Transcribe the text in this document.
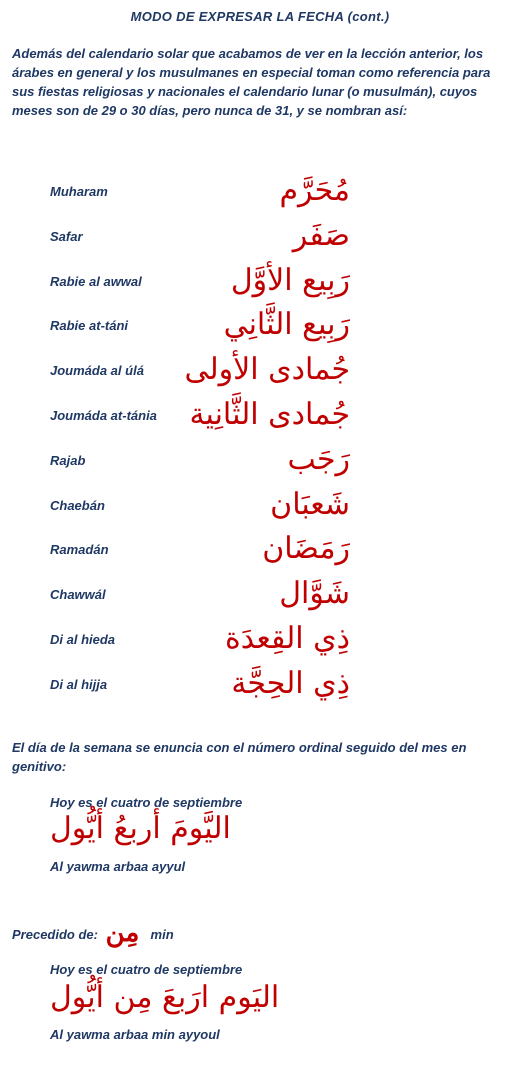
MODO DE EXPRESAR LA FECHA (cont.)

Además del calendario solar que acabamos de ver en la lección anterior, los árabes en general y los musulmanes en especial toman como referencia para sus fiestas religiosas y nacionales el calendario lunar (o musulmán), cuyos meses son de 29 o 30 días, pero nunca de 31, y se nombran así:

Muharam	مُحَرَّم
Safar	صَفَر
Rabie al awwal	رَبِيع الأوَّل
Rabie at-táni	رَبِيع الثَّانِي
Joumáda al úlá جُمادى الأولى
Joumáda at-tánia جُمادى الثَّانِية
Rajab	رَجَب
Chaebán	شَعبَان
Ramadán	رَمَضَان
Chawwál	شَوَّال
Di al hieda	ذِي القِعدَة
Di al hijja	ذِي الحِجَّة

El día de la semana se enuncia con el número ordinal seguido del mes en genitivo:

Hoy es el cuatro de septiembre
اليَّومَ أربعُ أيُّول
Al yawma arbaa ayyul
Precedido de: مِن min
Hoy es el cuatro de septiembre
اليَوم ارَبعَ مِن أيُّول
Al yawma arbaa min ayyoul
